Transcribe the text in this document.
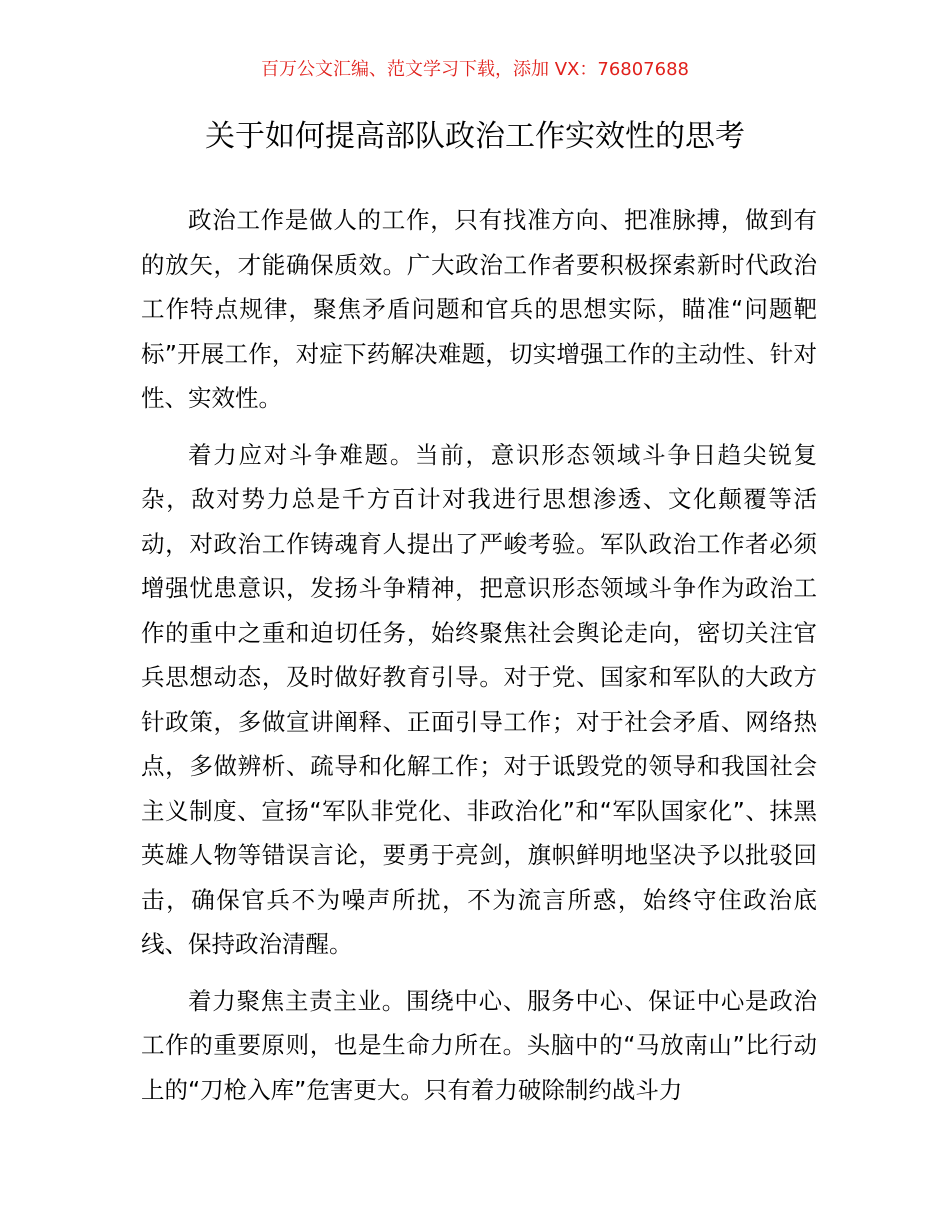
百万公文汇编、范文学习下载，添加 VX：76807688
关于如何提高部队政治工作实效性的思考

政治工作是做人的工作，只有找准方向、把准脉搏，做到有的放矢，才能确保质效。广大政治工作者要积极探索新时代政治工作特点规律，聚焦矛盾问题和官兵的思想实际，瞄准“问题靶标”开展工作，对症下药解决难题，切实增强工作的主动性、针对性、实效性。

着力应对斗争难题。当前，意识形态领域斗争日趋尖锐复杂，敌对势力总是千方百计对我进行思想渗透、文化颠覆等活动，对政治工作铸魂育人提出了严峻考验。军队政治工作者必须增强忧患意识，发扬斗争精神，把意识形态领域斗争作为政治工作的重中之重和迫切任务，始终聚焦社会舆论走向，密切关注官兵思想动态，及时做好教育引导。对于党、国家和军队的大政方针政策，多做宣讲阐释、正面引导工作；对于社会矛盾、网络热点，多做辨析、疏导和化解工作；对于诋毁党的领导和我国社会主义制度、宣扬“军队非党化、非政治化”和“军队国家化”、抹黑英雄人物等错误言论，要勇于亮剑，旗帜鲜明地坚决予以批驳回击，确保官兵不为噪声所扰，不为流言所惑，始终守住政治底线、保持政治清醒。

着力聚焦主责主业。围绕中心、服务中心、保证中心是政治工作的重要原则，也是生命力所在。头脑中的“马放南山”比行动上的“刀枪入库”危害更大。只有着力破除制约战斗力
